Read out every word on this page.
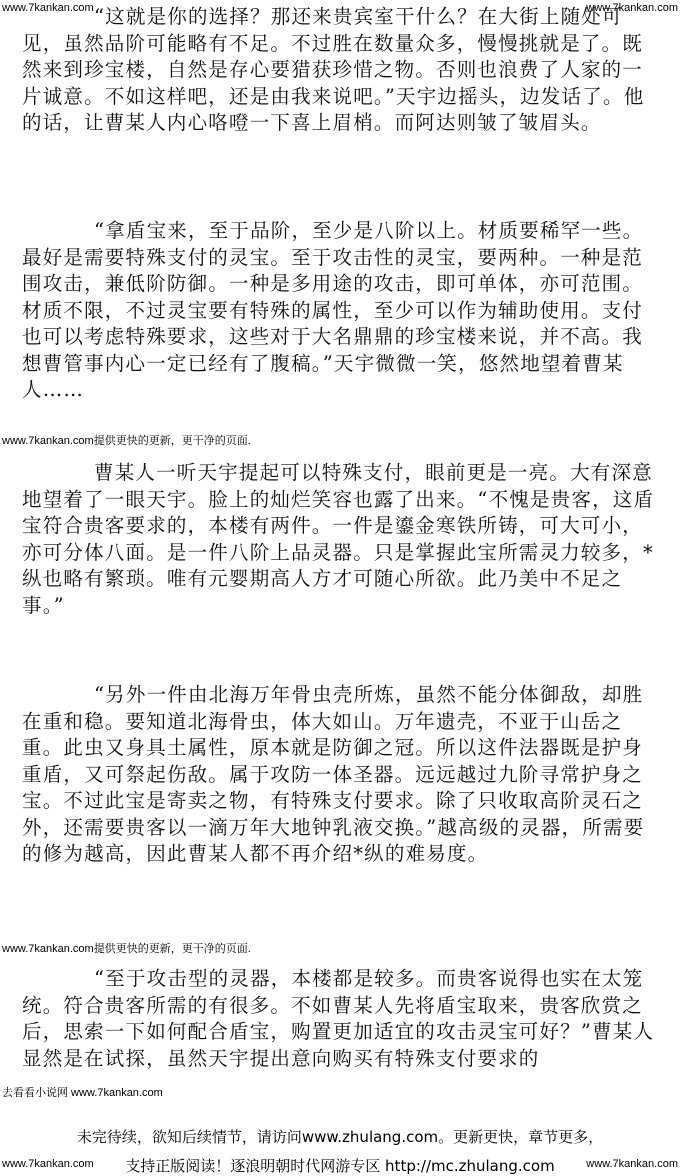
www.7kankan.com	www.7kankan.com

“这就是你的选择？那还来贵宾室干什么？在大街上随处可见，虽然品阶可能略有不足。不过胜在数量众多，慢慢挑就是了。既然来到珍宝楼，自然是存心要猎获珍惜之物。否则也浪费了人家的一片诚意。不如这样吧，还是由我来说吧。”天宇边摇头，边发话了。他的话，让曹某人内心咯噔一下喜上眉梢。而阿达则皱了皱眉头。

“拿盾宝来，至于品阶，至少是八阶以上。材质要稀罕一些。最好是需要特殊支付的灵宝。至于攻击性的灵宝，要两种。一种是范围攻击，兼低阶防御。一种是多用途的攻击，即可单体，亦可范围。材质不限，不过灵宝要有特殊的属性，至少可以作为辅助使用。支付也可以考虑特殊要求，这些对于大名鼎鼎的珍宝楼来说，并不高。我想曹管事内心一定已经有了腹稿。”天宇微微一笑，悠然地望着曹某人……

www.7kankan.com提供更快的更新，更干净的页面.

曹某人一听天宇提起可以特殊支付，眼前更是一亮。大有深意地望着了一眼天宇。脸上的灿烂笑容也露了出来。“不愧是贵客，这盾宝符合贵客要求的，本楼有两件。一件是鎏金寒铁所铸，可大可小，亦可分体八面。是一件八阶上品灵器。只是掌握此宝所需灵力较多，*纵也略有繁琐。唯有元婴期高人方才可随心所欲。此乃美中不足之事。”

“另外一件由北海万年骨虫壳所炼，虽然不能分体御敌，却胜在重和稳。要知道北海骨虫，体大如山。万年遗壳，不亚于山岳之重。此虫又身具土属性，原本就是防御之冠。所以这件法器既是护身重盾，又可祭起伤敌。属于攻防一体圣器。远远越过九阶寻常护身之宝。不过此宝是寄卖之物，有特殊支付要求。除了只收取高阶灵石之外，还需要贵客以一滴万年大地钟乳液交换。”越高级的灵器，所需要的修为越高，因此曹某人都不再介绍*纵的难易度。

www.7kankan.com提供更快的更新，更干净的页面.

“至于攻击型的灵器，本楼都是较多。而贵客说得也实在太笼统。符合贵客所需的有很多。不如曹某人先将盾宝取来，贵客欣赏之后，思索一下如何配合盾宝，购置更加适宜的攻击灵宝可好？”曹某人显然是在试探，虽然天宇提出意向购买有特殊支付要求的

去看看小说网 www.7kankan.com
未完待续，欲知后续情节，请访问www.zhulang.com。更新更快，章节更多，
www.7kankan.com	支持正版阅读！逐浪明朝时代网游专区 http://mc.zhulang.com	www.7kankan.com
